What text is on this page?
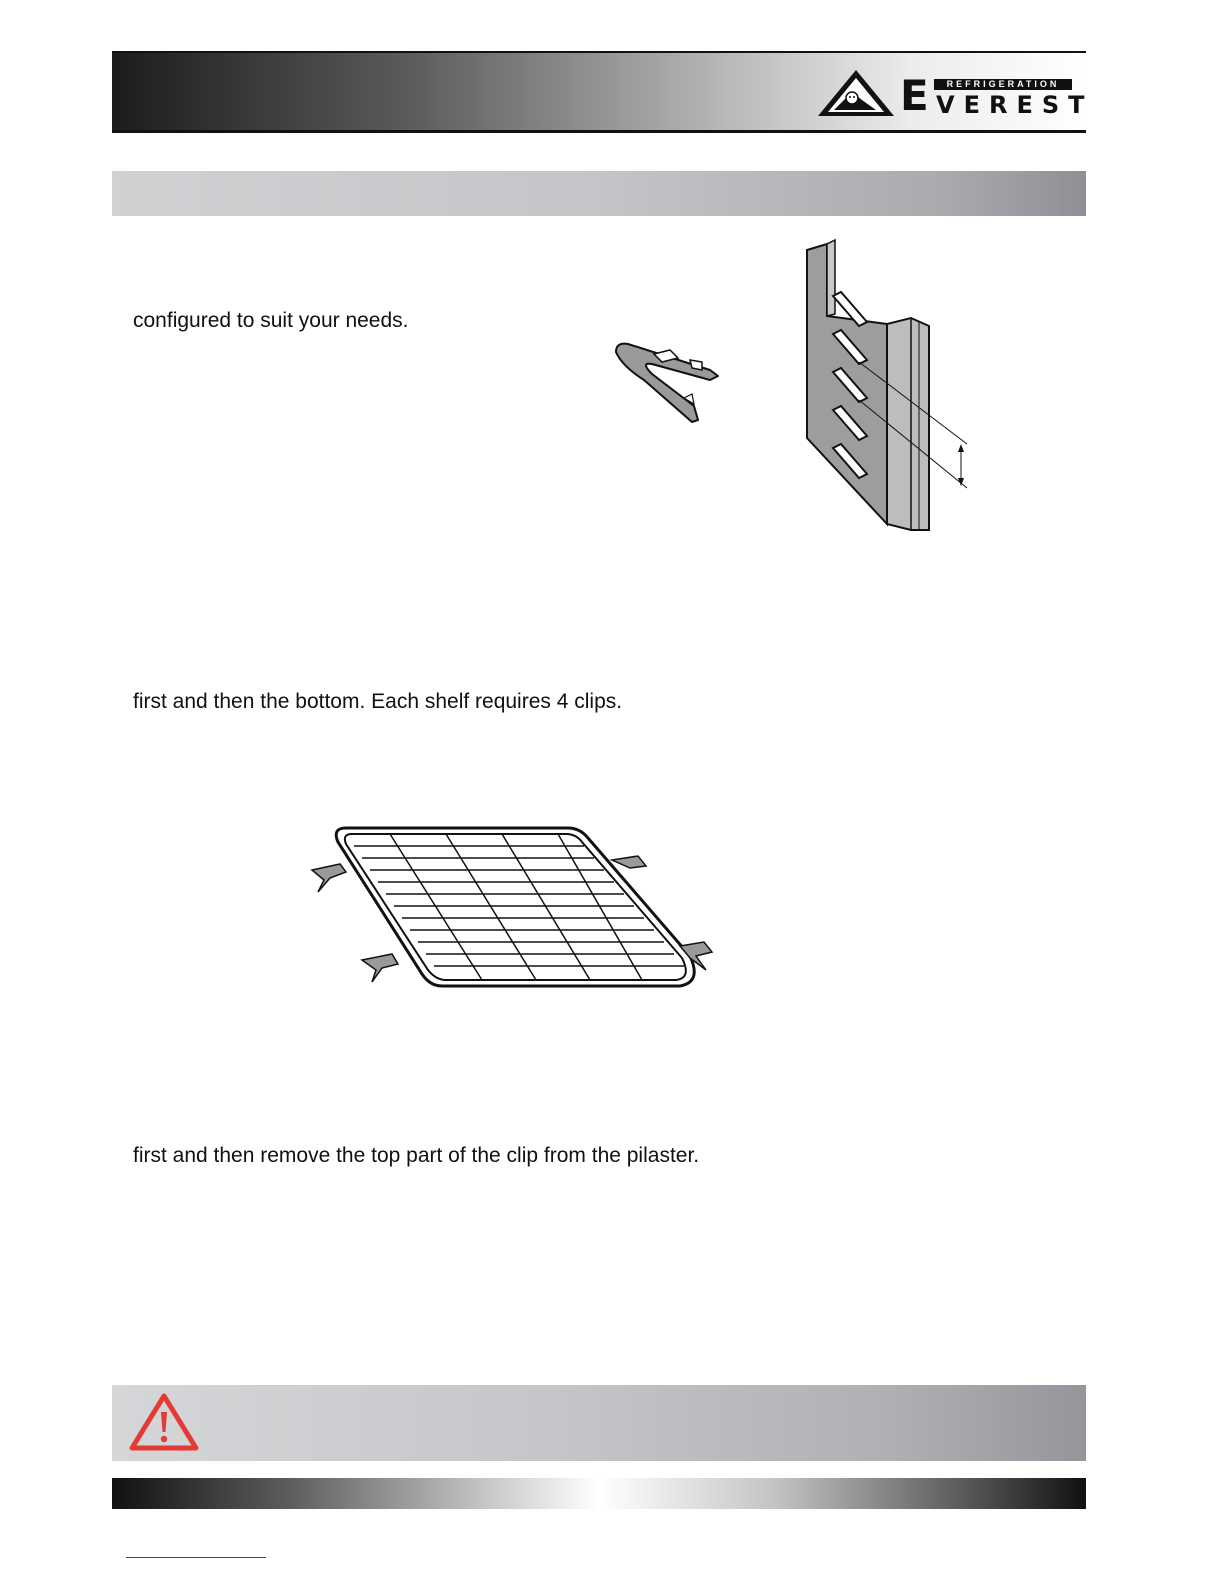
REFRIGERATION
E VEREST
configured to suit your needs.
first and then the bottom. Each shelf requires 4 clips.
first and then remove the top part of the clip from the pilaster.
